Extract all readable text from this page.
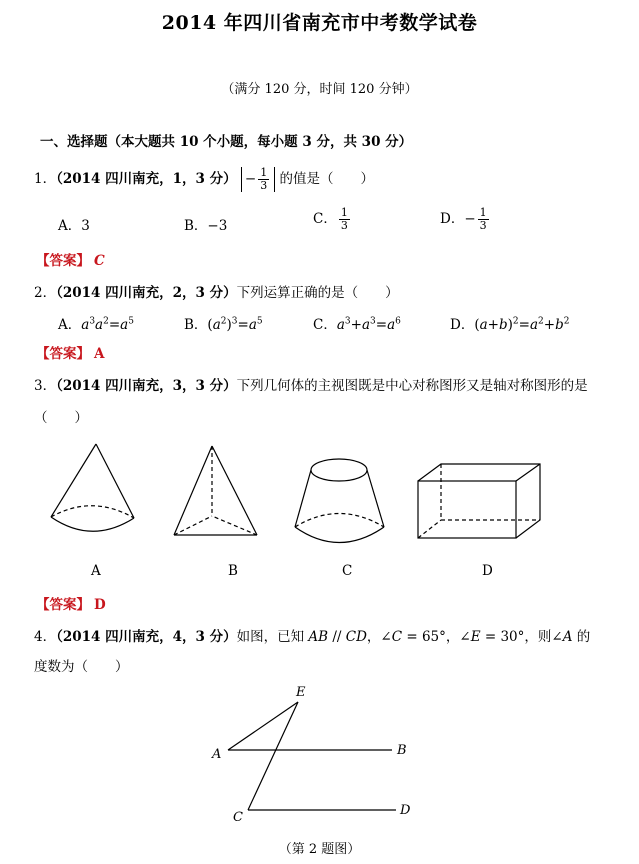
2014 年四川省南充市中考数学试卷
（满分 120 分，时间 120 分钟）
一、选择题（本大题共 10 个小题，每小题 3 分，共 30 分）
1．（2014 四川南充，1，3 分） − $\frac{1}{3}$ 的值是（　　）
A．3	B．−3	C． $\frac{1}{3}$	D．− $\frac{1}{3}$
【答案】 C
2．（2014 四川南充，2，3 分）下列运算正确的是（　　）
A．$a^3a^2=a^5$	B．$(a^2)^3=a^5$	C．$a^3+a^3=a^6$	D．$(a+b)^2=a^2+b^2$
【答案】 A
3．（2014 四川南充，3，3 分）下列几何体的主视图既是中心对称图形又是轴对称图形的是
（　　）
A	B	C	D
【答案】 D
4．（2014 四川南充，4，3 分）如图，已知 AB // CD，∠C = 65°，∠E = 30°，则∠A 的
度数为（　　）
E
A	B
C	D
（第 2 题图）
